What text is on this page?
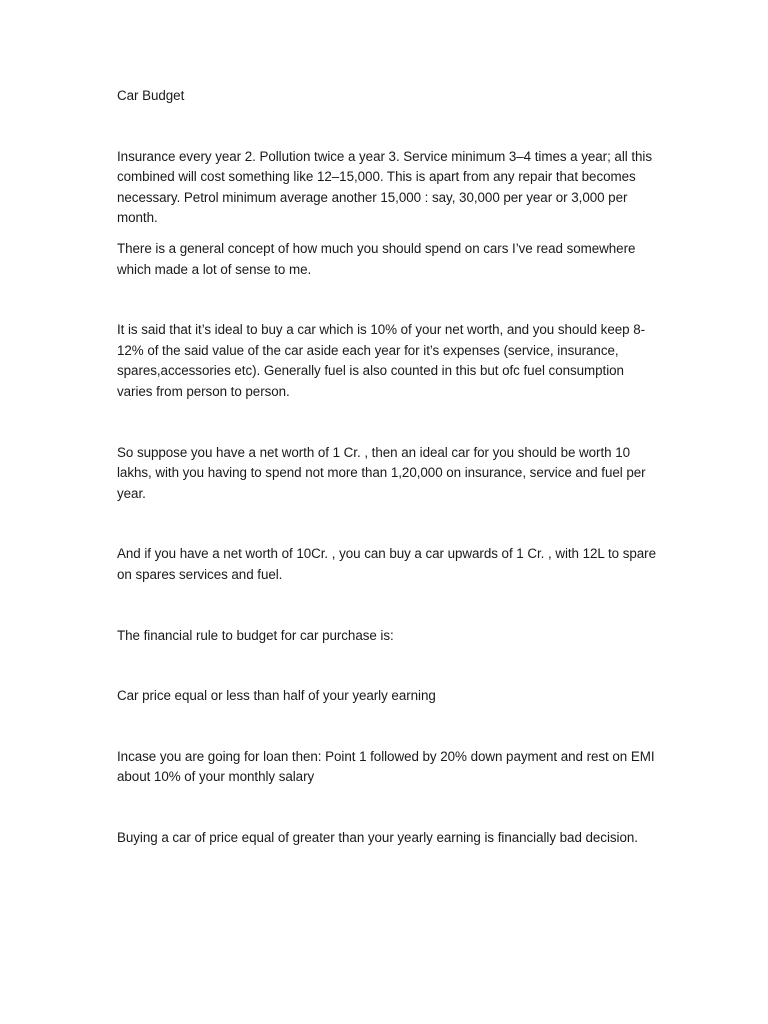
Car Budget

Insurance every year 2. Pollution twice a year 3. Service minimum 3–4 times a year; all this combined will cost something like 12–15,000. This is apart from any repair that becomes necessary. Petrol minimum average another 15,000 : say, 30,000 per year or 3,000 per month.

There is a general concept of how much you should spend on cars I’ve read somewhere which made a lot of sense to me.

It is said that it’s ideal to buy a car which is 10% of your net worth, and you should keep 8-12% of the said value of the car aside each year for it’s expenses (service, insurance, spares,accessories etc). Generally fuel is also counted in this but ofc fuel consumption varies from person to person.

So suppose you have a net worth of 1 Cr. , then an ideal car for you should be worth 10 lakhs, with you having to spend not more than 1,20,000 on insurance, service and fuel per year.

And if you have a net worth of 10Cr. , you can buy a car upwards of 1 Cr. , with 12L to spare on spares services and fuel.

The financial rule to budget for car purchase is:

Car price equal or less than half of your yearly earning

Incase you are going for loan then: Point 1 followed by 20% down payment and rest on EMI about 10% of your monthly salary

Buying a car of price equal of greater than your yearly earning is financially bad decision.
